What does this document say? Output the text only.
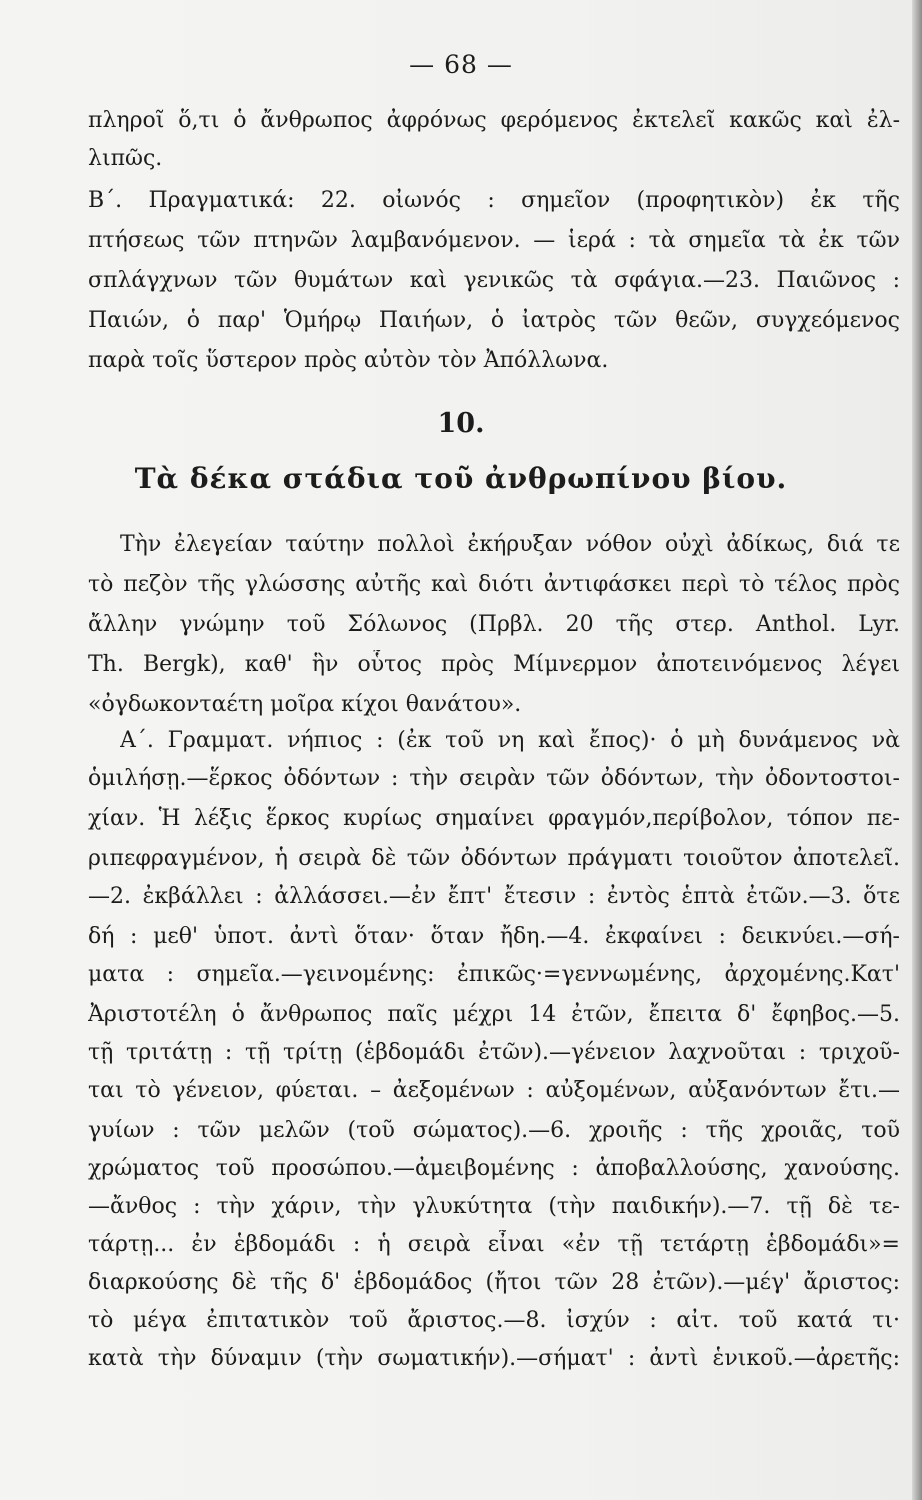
— 68 —
πληροῖ ὅ,τι ὁ ἄνθρωπος ἀφρόνως φερόμενος ἐκτελεῖ κακῶς καὶ ἐλ-
λιπῶς.
Β΄. Πραγματικά: 22. οἰωνός : σημεῖον (προφητικὸν) ἐκ τῆς
πτήσεως τῶν πτηνῶν λαμβανόμενον. — ἱερά : τὰ σημεῖα τὰ ἐκ τῶν
σπλάγχνων τῶν θυμάτων καὶ γενικῶς τὰ σφάγια.—23. Παιῶνος :
Παιών, ὁ παρ' Ὁμήρῳ Παιήων, ὁ ἰατρὸς τῶν θεῶν, συγχεόμενος
παρὰ τοῖς ὕστερον πρὸς αὐτὸν τὸν Ἀπόλλωνα.
10.
Τὰ δέκα στάδια τοῦ ἀνθρωπίνου βίου.
Τὴν ἐλεγείαν ταύτην πολλοὶ ἐκήρυξαν νόθον οὐχὶ ἀδίκως, διά τε
τὸ πεζὸν τῆς γλώσσης αὐτῆς καὶ διότι ἀντιφάσκει περὶ τὸ τέλος πρὸς
ἄλλην γνώμην τοῦ Σόλωνος (Πρβλ. 20 τῆς στερ. Anthol. Lyr.
Th. Bergk), καθ' ἣν οὗτος πρὸς Μίμνερμον ἀποτεινόμενος λέγει
«ὀγδωκονταέτη μοῖρα κίχοι θανάτου».
Α΄. Γραμματ. νήπιος : (ἐκ τοῦ νη καὶ ἔπος)· ὁ μὴ δυνάμενος νὰ
ὁμιλήσῃ.—ἕρκος ὀδόντων : τὴν σειρὰν τῶν ὀδόντων, τὴν ὀδοντοστοι-
χίαν. Ἡ λέξις ἕρκος κυρίως σημαίνει φραγμόν,περίβολον, τόπον πε-
ριπεφραγμένον, ἡ σειρὰ δὲ τῶν ὀδόντων πράγματι τοιοῦτον ἀποτελεῖ.
—2. ἐκβάλλει : ἀλλάσσει.—ἐν ἔπτ' ἔτεσιν : ἐντὸς ἑπτὰ ἐτῶν.—3. ὅτε
δή : μεθ' ὑποτ. ἀντὶ ὅταν· ὅταν ἤδη.—4. ἐκφαίνει : δεικνύει.—σή-
ματα : σημεῖα.—γεινομένης: ἐπικῶς·=γεννωμένης, ἀρχομένης.Κατ'
Ἀριστοτέλη ὁ ἄνθρωπος παῖς μέχρι 14 ἐτῶν, ἔπειτα δ' ἔφηβος.—5.
τῇ τριτάτῃ : τῇ τρίτῃ (ἑβδομάδι ἐτῶν).—γένειον λαχνοῦται : τριχοῦ-
ται τὸ γένειον, φύεται. – ἀεξομένων : αὐξομένων, αὐξανόντων ἔτι.—
γυίων : τῶν μελῶν (τοῦ σώματος).—6. χροιῆς : τῆς χροιᾶς, τοῦ
χρώματος τοῦ προσώπου.—ἀμειβομένης : ἀποβαλλούσης, χανούσης.
—ἄνθος : τὴν χάριν, τὴν γλυκύτητα (τὴν παιδικήν).—7. τῇ δὲ τε-
τάρτῃ... ἐν ἑβδομάδι : ἡ σειρὰ εἶναι «ἐν τῇ τετάρτῃ ἑβδομάδι»=
διαρκούσης δὲ τῆς δ' ἑβδομάδος (ἤτοι τῶν 28 ἐτῶν).—μέγ' ἄριστος:
τὸ μέγα ἐπιτατικὸν τοῦ ἄριστος.—8. ἰσχύν : αἰτ. τοῦ κατά τι·
κατὰ τὴν δύναμιν (τὴν σωματικήν).—σήματ' : ἀντὶ ἑνικοῦ.—ἀρετῆς:
